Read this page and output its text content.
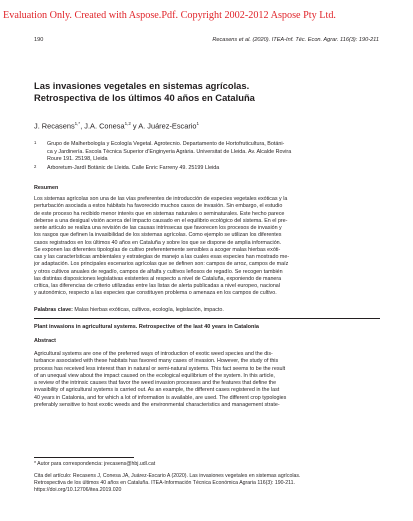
Evaluation Only. Created with Aspose.Pdf. Copyright 2002-2012 Aspose Pty Ltd.
190	Recasens et al. (2020). ITEA-Inf. Téc. Econ. Agrar. 116(3): 190-211
Las invasiones vegetales en sistemas agrícolas.
Retrospectiva de los últimos 40 años en Cataluña
J. Recasens$^{1,*}$, J.A. Conesa$^{1,2}$ y A. Juárez-Escario$^1$
1 Grupo de Malherbología y Ecología Vegetal. Agrotecnio. Departamento de Hortofruticultura, Botáni-
ca y Jardinería. Escola Tècnica Superior d’Enginyeria Agrària. Universitat de Lleida. Av. Alcalde Rovira
Roure 191. 25198, Lleida
2 Arboretum-Jardí Botànic de Lleida. Calle Enric Farreny 49. 25199 Lleida
Resumen
Los sistemas agrícolas son una de las vías preferentes de introducción de especies vegetales exóticas y la
perturbación asociada a estos hábitats ha favorecido muchos casos de invasión. Sin embargo, el estudio
de este proceso ha recibido menor interés que en sistemas naturales o seminaturales. Este hecho parece
deberse a una desigual visión acerca del impacto causado en el equilibrio ecológico del sistema. En el pre-
sente artículo se realiza una revisión de las causas intrínsecas que favorecen los procesos de invasión y
los rasgos que definen la invasibilidad de los sistemas agrícolas. Como ejemplo se utilizan los diferentes
casos registrados en los últimos 40 años en Cataluña y sobre los que se dispone de amplia información.
Se exponen las diferentes tipologías de cultivo preferentemente sensibles a acoger malas hierbas exóti-
cas y las características ambientales y estrategias de manejo a las cuales esas especies han mostrado me-
jor adaptación. Los principales escenarios agrícolas que se definen son: campos de arroz, campos de maíz
y otros cultivos anuales de regadío, campos de alfalfa y cultivos leñosos de regadío. Se recogen también
las distintas disposiciones legislativas existentes al respecto a nivel de Cataluña, exponiendo de manera
crítica, las diferencias de criterio utilizadas entre las listas de alerta publicadas a nivel europeo, nacional
y autonómico, respecto a las especies que constituyen problema o amenaza en los campos de cultivo.
Palabras clave: Malas hierbas exóticas, cultivos, ecología, legislación, impacto.
Plant invasions in agricultural systems. Retrospective of the last 40 years in Catalonia
Abstract
Agricultural systems are one of the preferred ways of introduction of exotic weed species and the dis-
turbance associated with these habitats has favored many cases of invasion. However, the study of this
process has received less interest than in natural or semi-natural systems. This fact seems to be the result
of an unequal view about the impact caused on the ecological equilibrium of the system. In this article,
a review of the intrinsic causes that favor the weed invasion processes and the features that define the
invasibility of agricultural systems is carried out. As an example, the different cases registered in the last
40 years in Catalonia, and for which a lot of information is available, are used. The different crop typologies
preferably sensitive to host exotic weeds and the environmental characteristics and management strate-
* Autor para correspondencia: jrecasens@hbj.udl.cat
Cita del artículo: Recasens J, Conesa JA, Juárez-Escario A (2020). Las invasiones vegetales en sistemas agrícolas.
Retrospectiva de los últimos 40 años en Cataluña. ITEA-Información Técnica Económica Agraria 116(3): 190-211.
https://doi.org/10.12706/itea.2019.020
